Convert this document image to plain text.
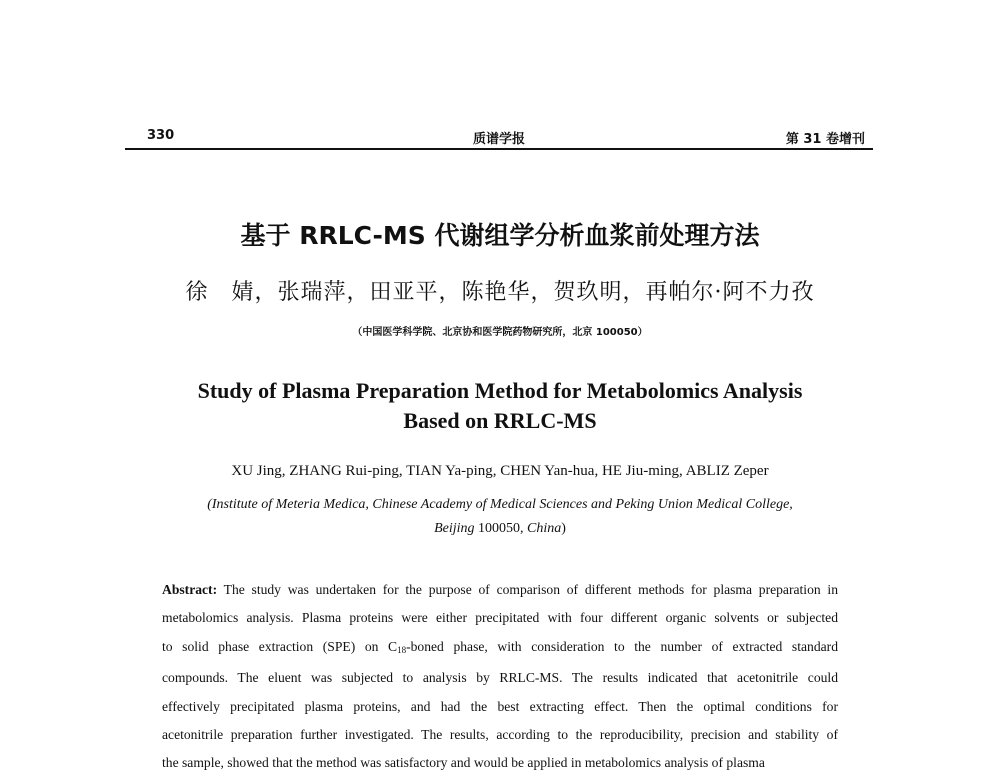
330	质谱学报	第 31 卷增刊
基于 RRLC-MS 代谢组学分析血浆前处理方法
徐　婧，张瑞萍，田亚平，陈艳华，贺玖明，再帕尔·阿不力孜
（中国医学科学院、北京协和医学院药物研究所，北京 100050）
Study of Plasma Preparation Method for Metabolomics Analysis
Based on RRLC-MS
XU Jing, ZHANG Rui-ping, TIAN Ya-ping, CHEN Yan-hua, HE Jiu-ming, ABLIZ Zeper
(Institute of Meteria Medica, Chinese Academy of Medical Sciences and Peking Union Medical College,
Beijing 100050, China)
Abstract: The study was undertaken for the purpose of comparison of different methods for plasma preparation in
metabolomics analysis. Plasma proteins were either precipitated with four different organic solvents or subjected
to solid phase extraction (SPE) on $C_{18}$-boned phase, with consideration to the number of extracted standard
compounds. The eluent was subjected to analysis by RRLC-MS. The results indicated that acetonitrile could
effectively precipitated plasma proteins, and had the best extracting effect. Then the optimal conditions for
acetonitrile preparation further investigated. The results, according to the reproducibility, precision and stability of
the sample, showed that the method was satisfactory and would be applied in metabolomics analysis of plasma
